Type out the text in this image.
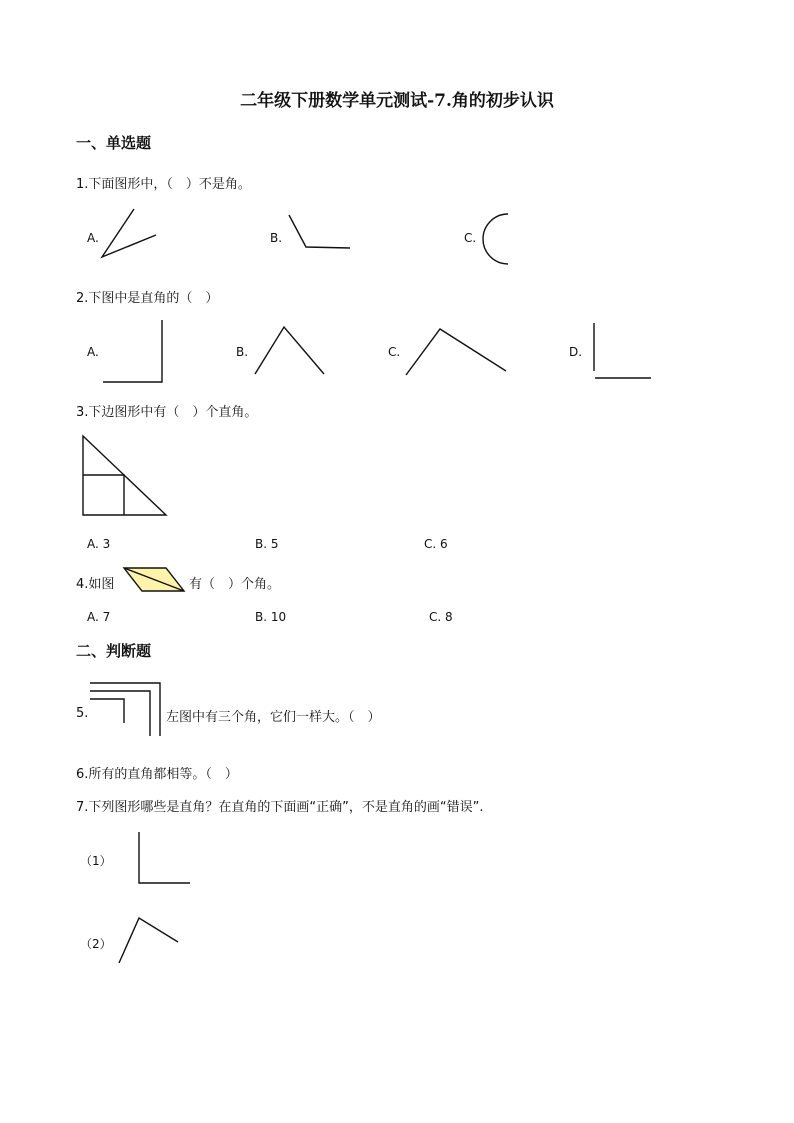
二年级下册数学单元测试-7.角的初步认识
一、单选题
1.下面图形中，（　）不是角。
A.	B.	C.
2.下图中是直角的（　）
A.	B.	C.	D.
3.下边图形中有（　）个直角。
A. 3	B. 5	C. 6
4.如图	有（　）个角。
A. 7	B. 10	C. 8
二、判断题
5.	左图中有三个角，它们一样大。（　）
6.所有的直角都相等。（　）
7.下列图形哪些是直角？在直角的下面画“正确”，不是直角的画“错误”.
（1）
（2）
